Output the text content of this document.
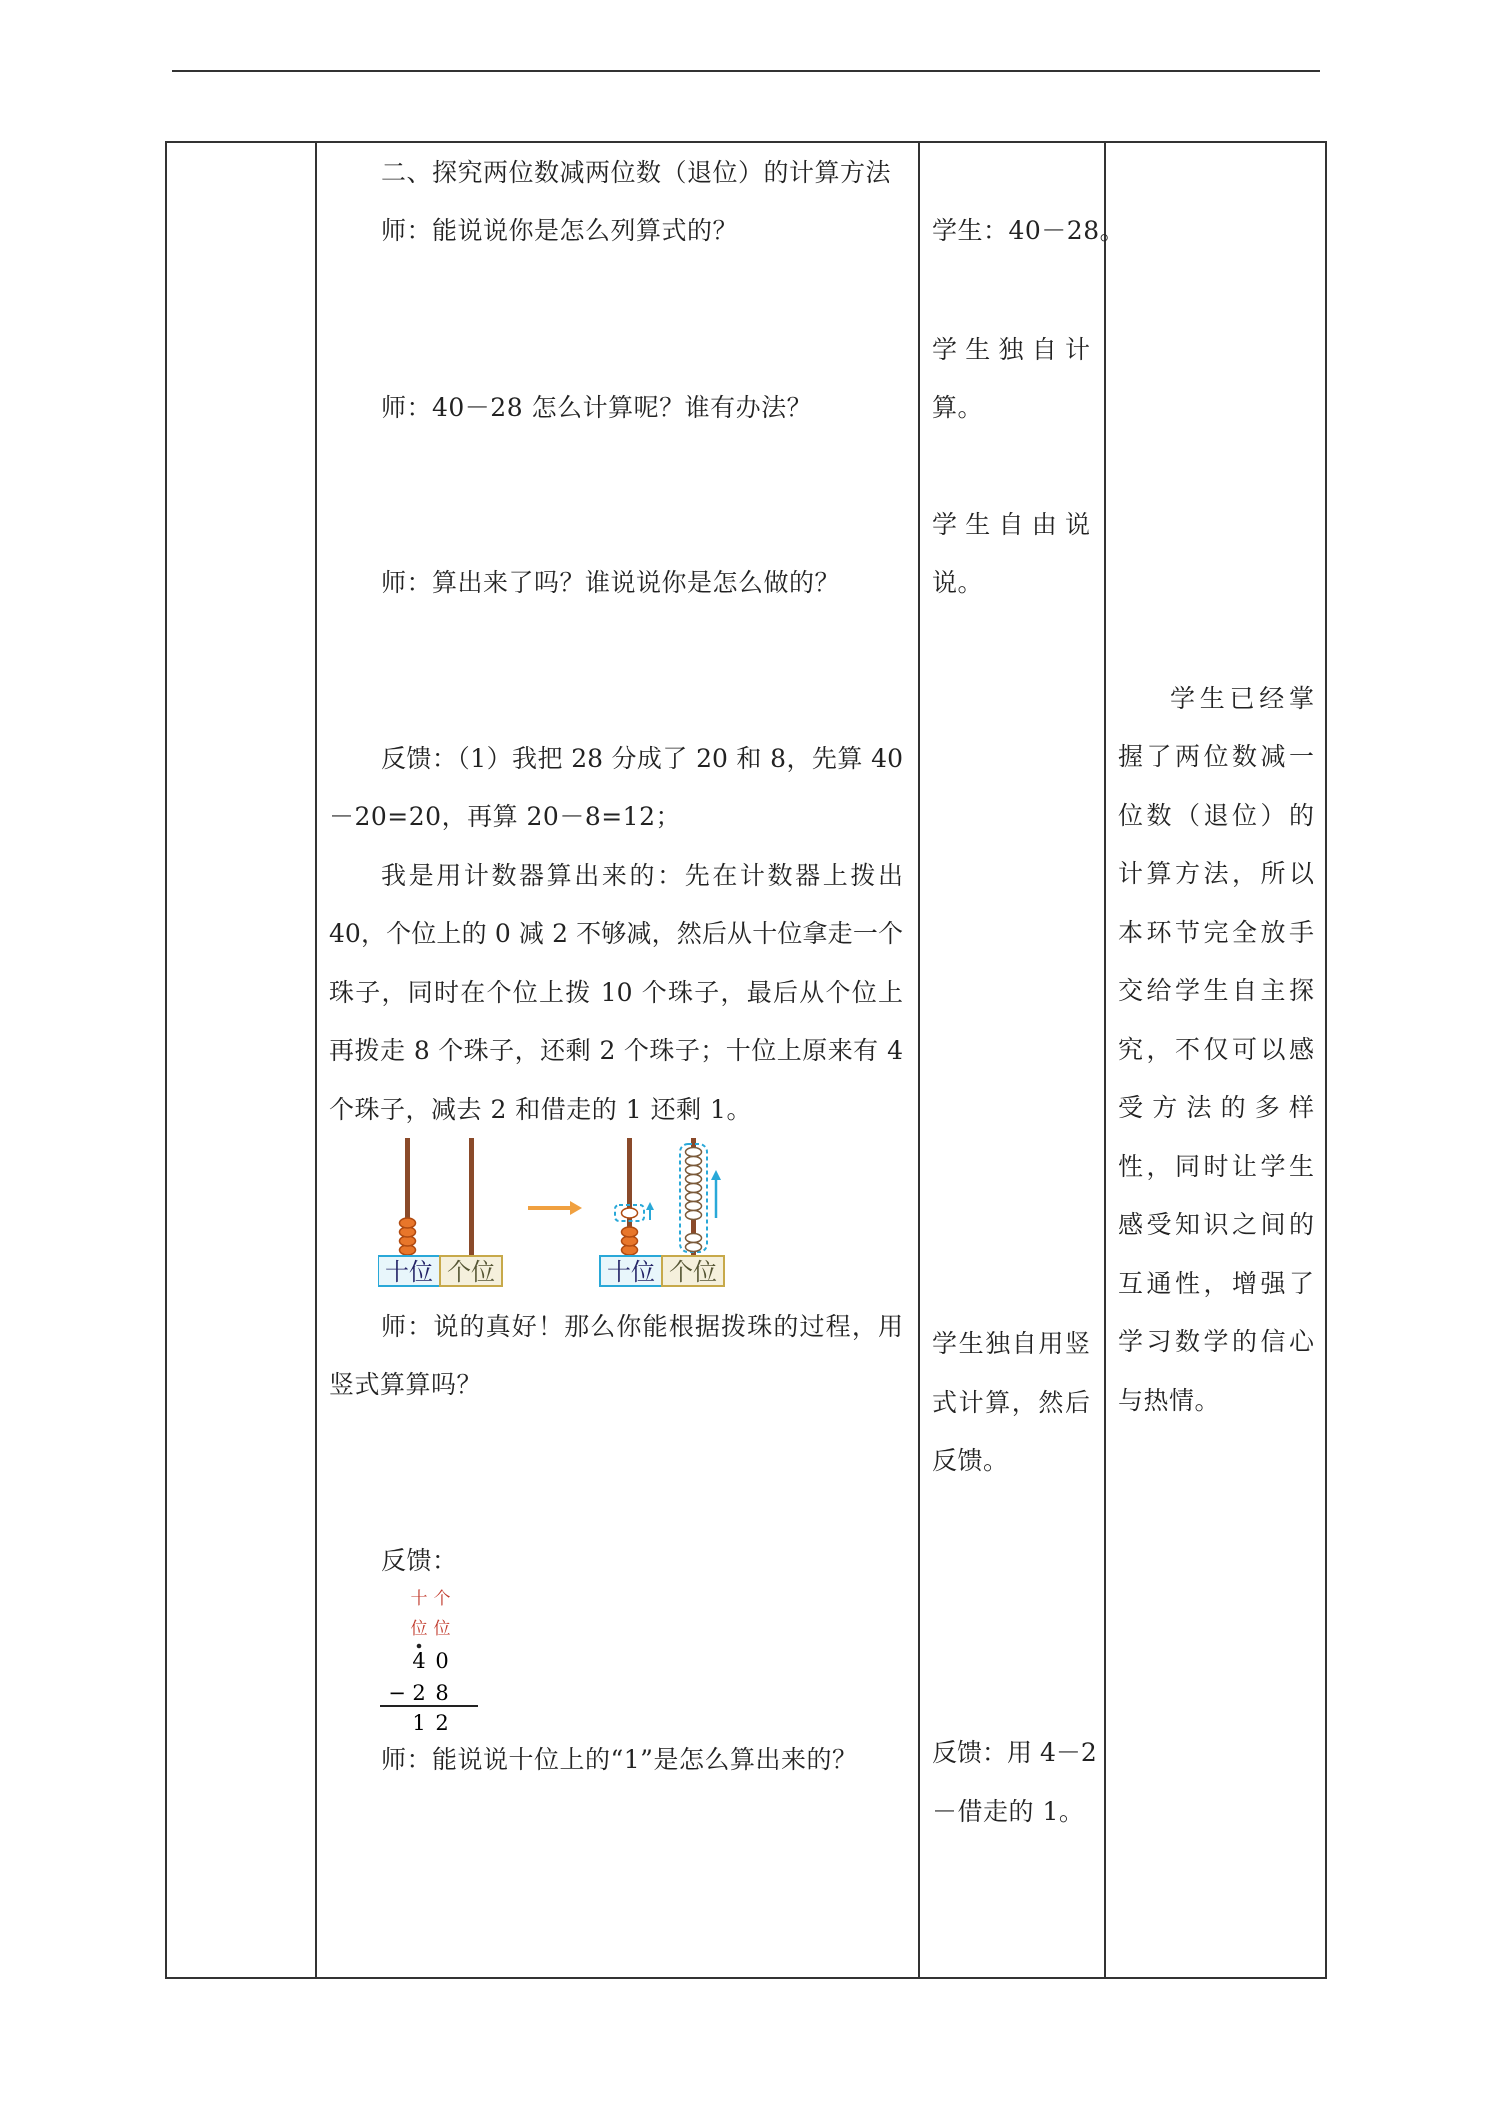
二、探究两位数减两位数（退位）的计算方法
师：能说说你是怎么列算式的？
师：40－28 怎么计算呢？谁有办法？
师：算出来了吗？谁说说你是怎么做的？
反馈：（1）我把 28 分成了 20 和 8，先算 40
－20=20，再算 20－8=12；
我是用计数器算出来的：先在计数器上拨出
40，个位上的 0 减 2 不够减，然后从十位拿走一个
珠子，同时在个位上拨 10 个珠子，最后从个位上
再拨走 8 个珠子，还剩 2 个珠子；十位上原来有 4
个珠子，减去 2 和借走的 1 还剩 1。
十位 个位	十位 个位
师：说的真好！那么你能根据拨珠的过程，用
竖式算算吗？
反馈：
十 个
位 位
4 0
− 2 8
1 2
师：能说说十位上的“1”是怎么算出来的？
学生：40－28。
学生独自计
算。
学生自由说
说。
学生独自用竖
式计算，然后
反馈。
反馈：用 4－2
－借走的 1。
学生已经掌
握了两位数减一
位数（退位）的
计算方法，所以
本环节完全放手
交给学生自主探
究，不仅可以感
受方法的多样
性，同时让学生
感受知识之间的
互通性，增强了
学习数学的信心
与热情。
